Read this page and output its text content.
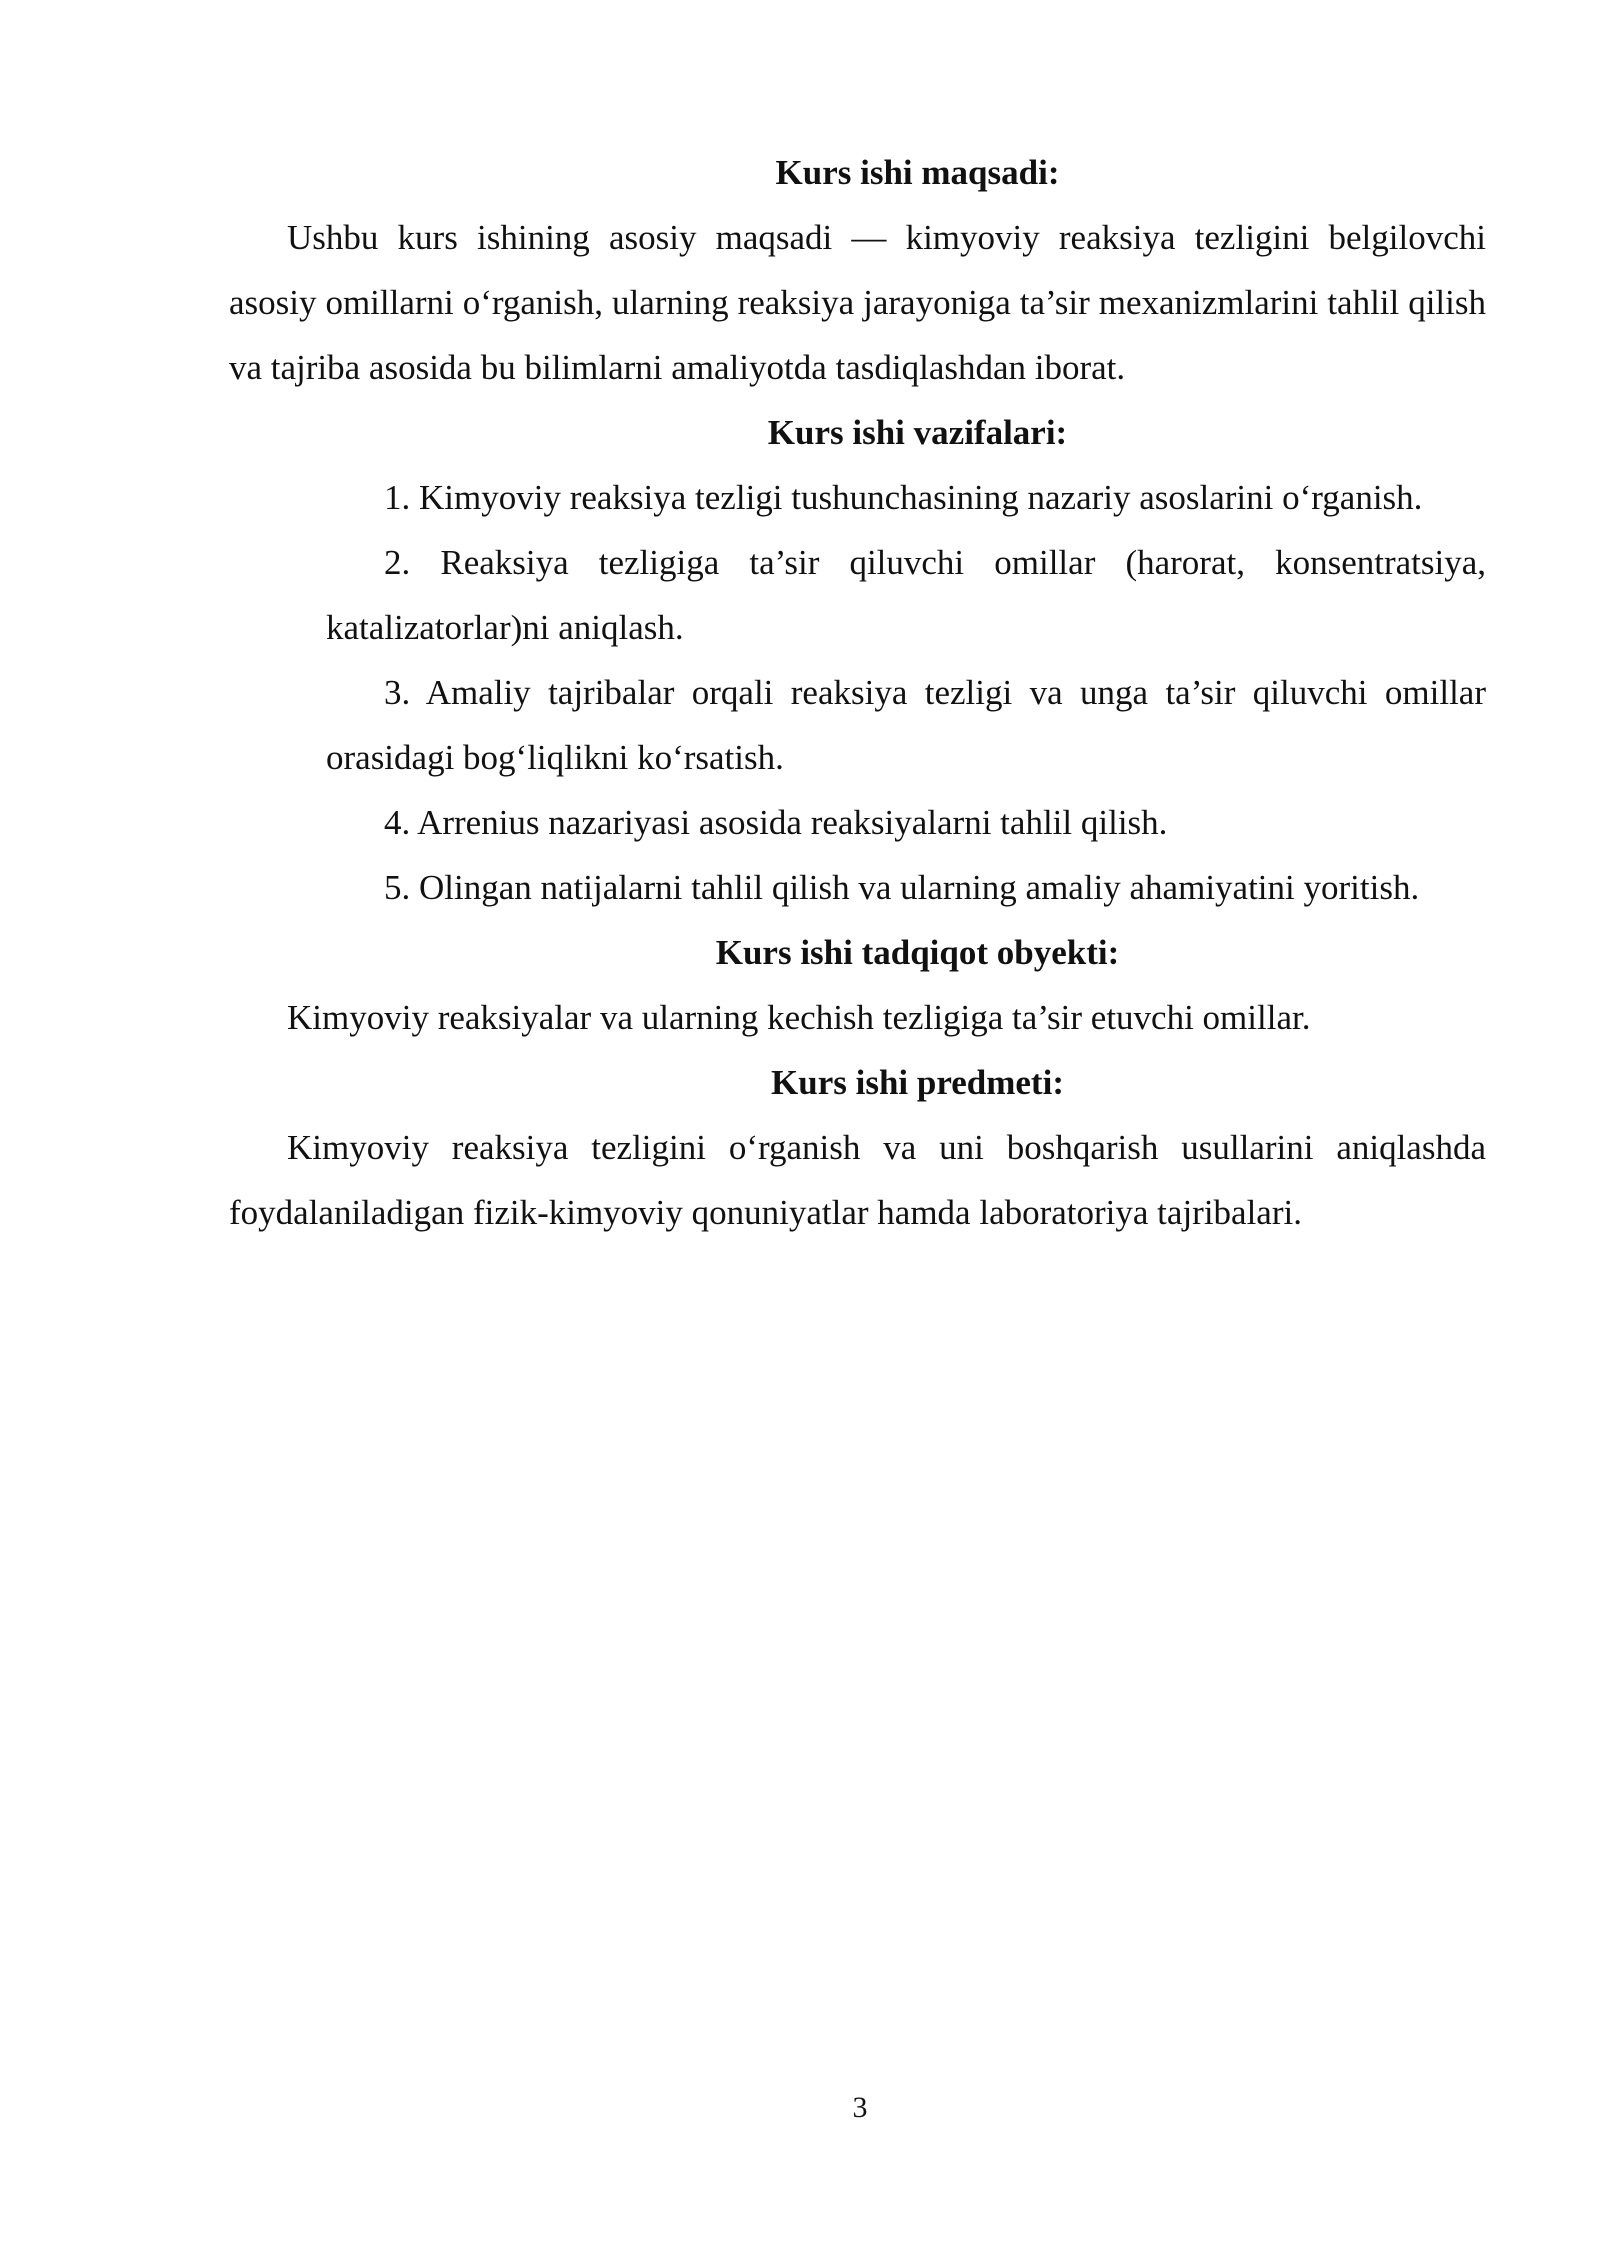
Kurs ishi maqsadi:

Ushbu kurs ishining asosiy maqsadi — kimyoviy reaksiya tezligini belgilovchi asosiy omillarni o‘rganish, ularning reaksiya jarayoniga ta’sir mexanizmlarini tahlil qilish va tajriba asosida bu bilimlarni amaliyotda tasdiqlashdan iborat.

Kurs ishi vazifalari:

1. Kimyoviy reaksiya tezligi tushunchasining nazariy asoslarini o‘rganish.

2. Reaksiya tezligiga ta’sir qiluvchi omillar (harorat, konsentratsiya, katalizatorlar)ni aniqlash.

3. Amaliy tajribalar orqali reaksiya tezligi va unga ta’sir qiluvchi omillar orasidagi bog‘liqlikni ko‘rsatish.

4. Arrenius nazariyasi asosida reaksiyalarni tahlil qilish.

5. Olingan natijalarni tahlil qilish va ularning amaliy ahamiyatini yoritish.

Kurs ishi tadqiqot obyekti:

Kimyoviy reaksiyalar va ularning kechish tezligiga ta’sir etuvchi omillar.

Kurs ishi predmeti:

Kimyoviy reaksiya tezligini o‘rganish va uni boshqarish usullarini aniqlashda foydalaniladigan fizik-kimyoviy qonuniyatlar hamda laboratoriya tajribalari.

3
